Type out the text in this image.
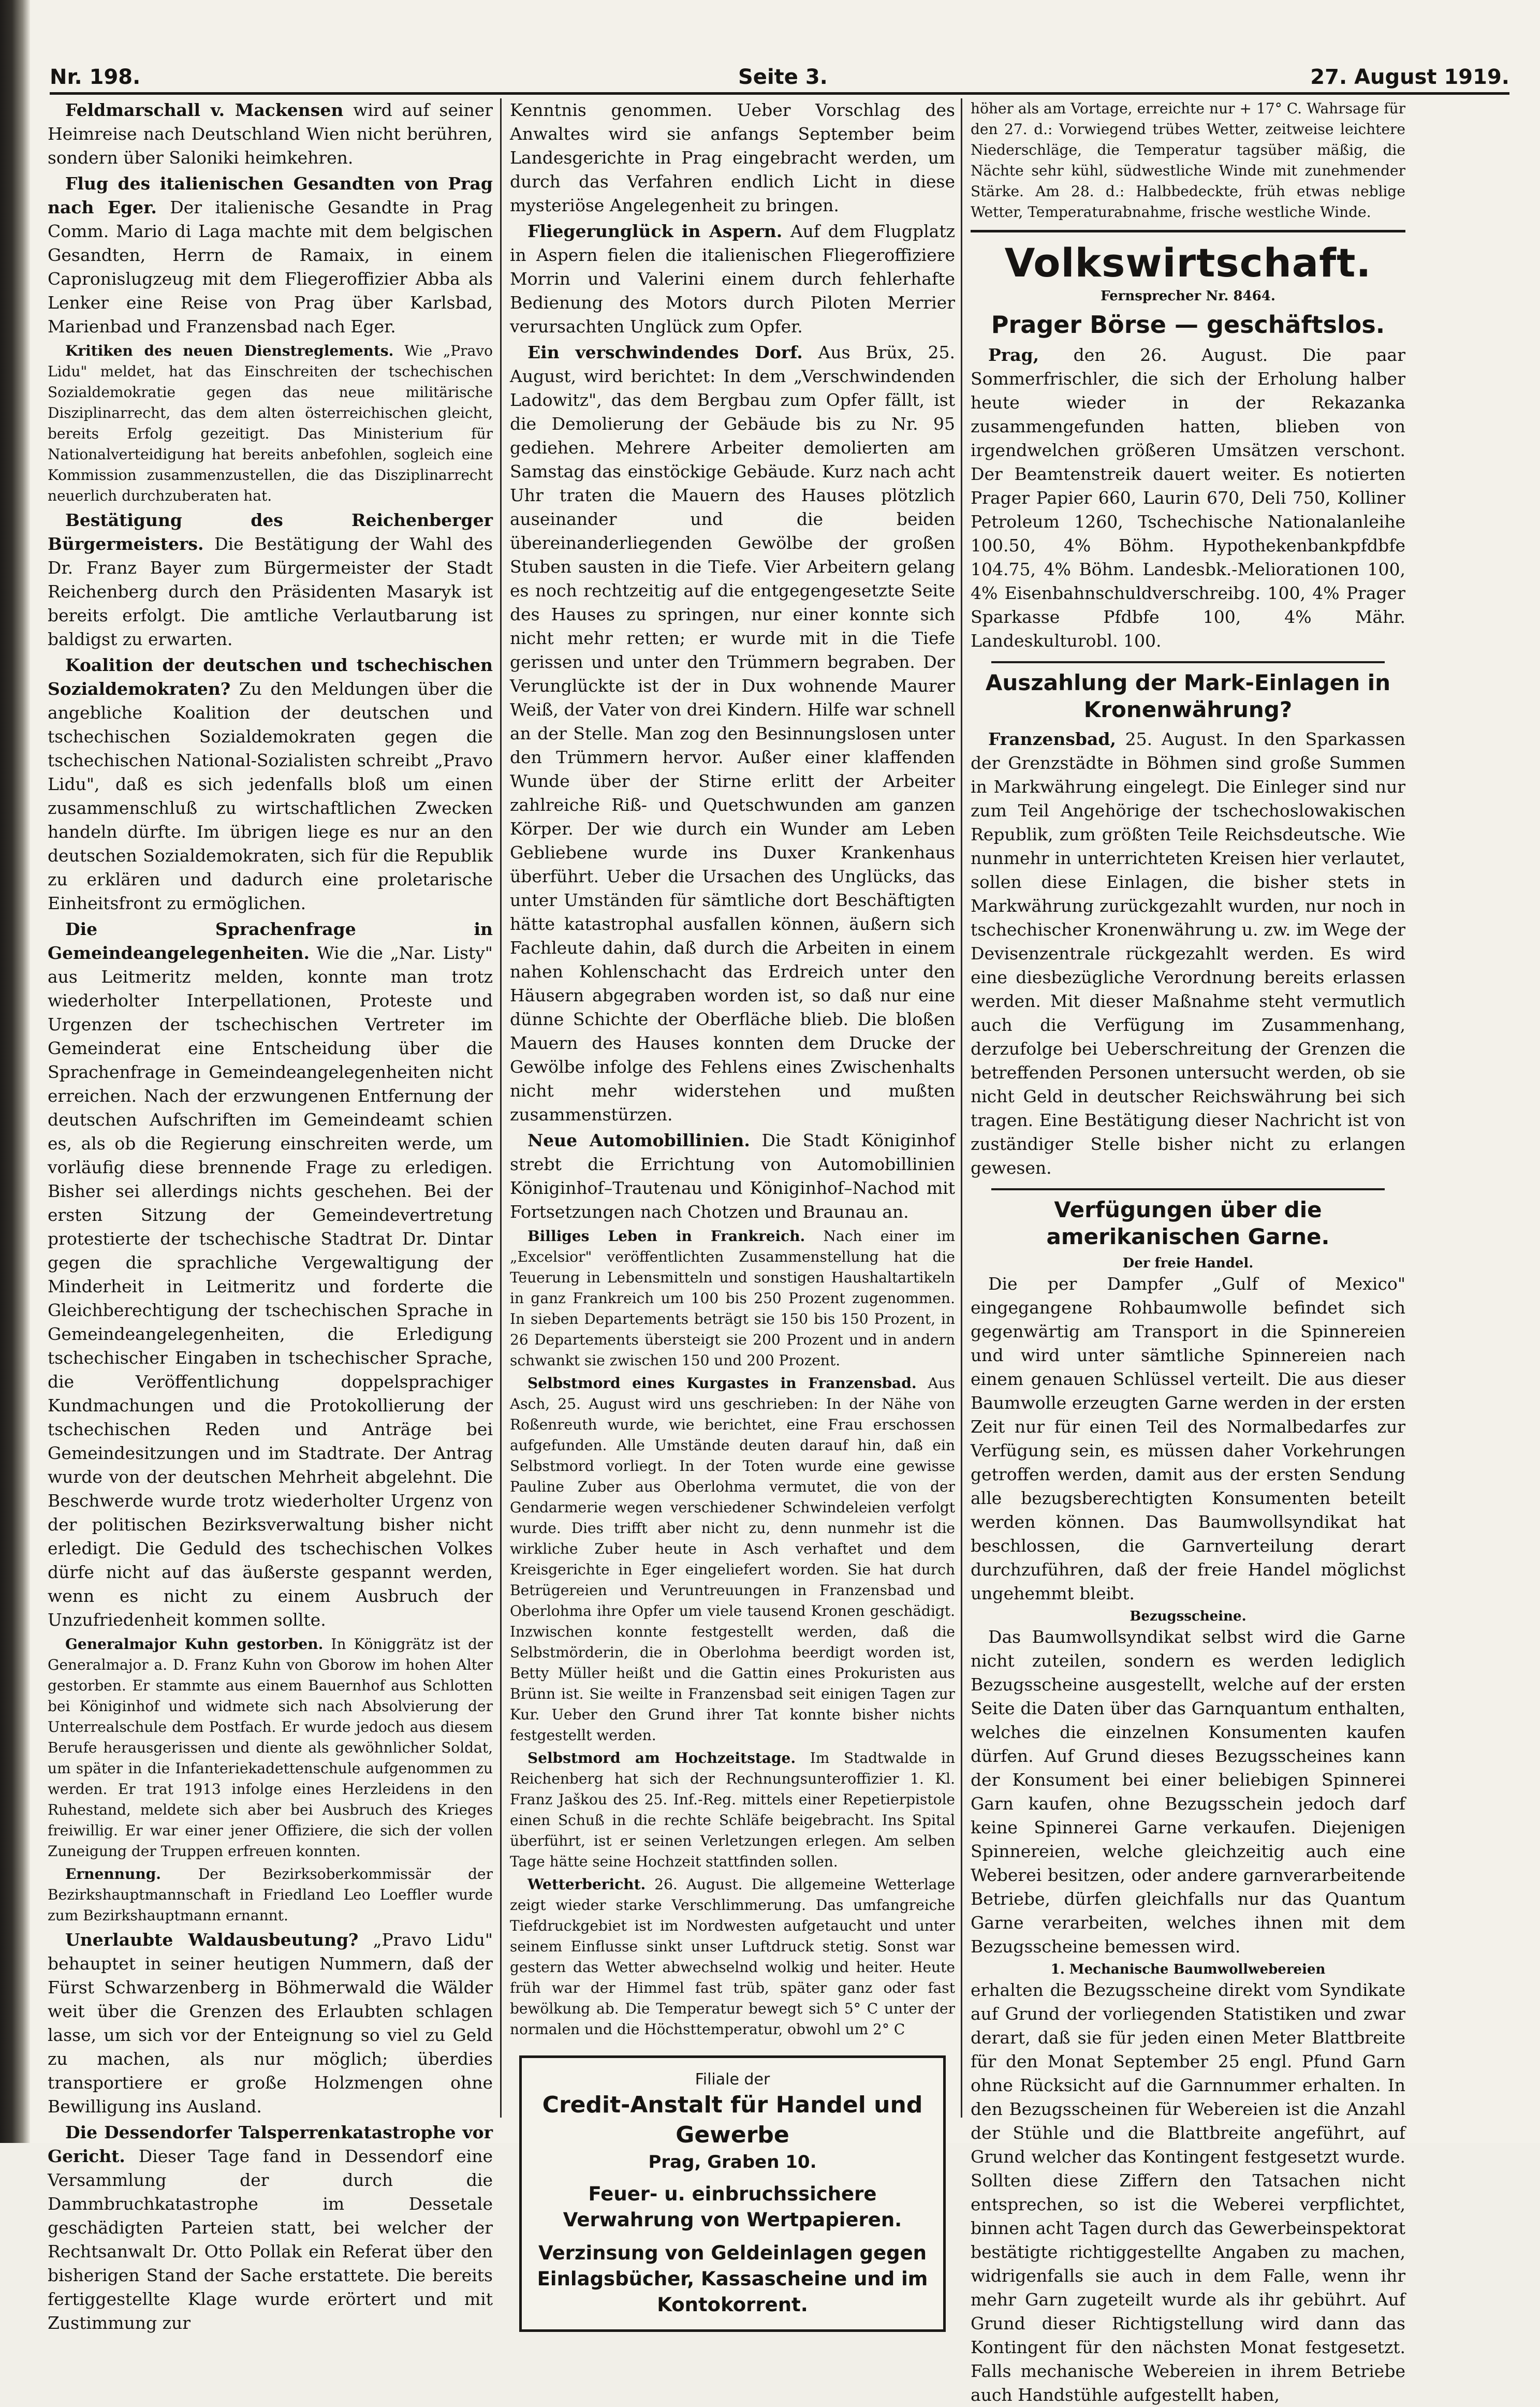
Nr. 198.	Seite 3.	27. August 1919.

Feldmarschall v. Mackensen wird auf seiner Heimreise nach Deutschland Wien nicht berühren, sondern über Saloniki heimkehren.

Flug des italienischen Gesandten von Prag nach Eger. Der italienische Gesandte in Prag Comm. Mario di Laga machte mit dem belgischen Gesandten, Herrn de Ramaix, in einem Capronislugzeug mit dem Fliegeroffizier Abba als Lenker eine Reise von Prag über Karlsbad, Marienbad und Franzensbad nach Eger.

Kritiken des neuen Dienstreglements. Wie „Pravo Lidu" meldet, hat das Einschreiten der tschechischen Sozialdemokratie gegen das neue militärische Disziplinarrecht, das dem alten österreichischen gleicht, bereits Erfolg gezeitigt. Das Ministerium für Nationalverteidigung hat bereits anbefohlen, sogleich eine Kommission zusammenzustellen, die das Disziplinarrecht neuerlich durchzuberaten hat.

Bestätigung des Reichenberger Bürgermeisters. Die Bestätigung der Wahl des Dr. Franz Bayer zum Bürgermeister der Stadt Reichenberg durch den Präsidenten Masaryk ist bereits erfolgt. Die amtliche Verlautbarung ist baldigst zu erwarten.

Koalition der deutschen und tschechischen Sozialdemokraten? Zu den Meldungen über die angebliche Koalition der deutschen und tschechischen Sozialdemokraten gegen die tschechischen National-Sozialisten schreibt „Pravo Lidu", daß es sich jedenfalls bloß um einen zusammenschluß zu wirtschaftlichen Zwecken handeln dürfte. Im übrigen liege es nur an den deutschen Sozialdemokraten, sich für die Republik zu erklären und dadurch eine proletarische Einheitsfront zu ermöglichen.

Die Sprachenfrage in Gemeindeangelegenheiten. Wie die „Nar. Listy" aus Leitmeritz melden, konnte man trotz wiederholter Interpellationen, Proteste und Urgenzen der tschechischen Vertreter im Gemeinderat eine Entscheidung über die Sprachenfrage in Gemeindeangelegenheiten nicht erreichen. Nach der erzwungenen Entfernung der deutschen Aufschriften im Gemeindeamt schien es, als ob die Regierung einschreiten werde, um vorläufig diese brennende Frage zu erledigen. Bisher sei allerdings nichts geschehen. Bei der ersten Sitzung der Gemeindevertretung protestierte der tschechische Stadtrat Dr. Dintar gegen die sprachliche Vergewaltigung der Minderheit in Leitmeritz und forderte die Gleichberechtigung der tschechischen Sprache in Gemeindeangelegenheiten, die Erledigung tschechischer Eingaben in tschechischer Sprache, die Veröffentlichung doppelsprachiger Kundmachungen und die Protokollierung der tschechischen Reden und Anträge bei Gemeindesitzungen und im Stadtrate. Der Antrag wurde von der deutschen Mehrheit abgelehnt. Die Beschwerde wurde trotz wiederholter Urgenz von der politischen Bezirksverwaltung bisher nicht erledigt. Die Geduld des tschechischen Volkes dürfe nicht auf das äußerste gespannt werden, wenn es nicht zu einem Ausbruch der Unzufriedenheit kommen sollte.

Generalmajor Kuhn gestorben. In Königgrätz ist der Generalmajor a. D. Franz Kuhn von Gborow im hohen Alter gestorben. Er stammte aus einem Bauernhof aus Schlotten bei Königinhof und widmete sich nach Absolvierung der Unterrealschule dem Postfach. Er wurde jedoch aus diesem Berufe herausgerissen und diente als gewöhnlicher Soldat, um später in die Infanteriekadettenschule aufgenommen zu werden. Er trat 1913 infolge eines Herzleidens in den Ruhestand, meldete sich aber bei Ausbruch des Krieges freiwillig. Er war einer jener Offiziere, die sich der vollen Zuneigung der Truppen erfreuen konnten.

Ernennung. Der Bezirksoberkommissär der Bezirkshauptmannschaft in Friedland Leo Loeffler wurde zum Bezirkshauptmann ernannt.

Unerlaubte Waldausbeutung? „Pravo Lidu" behauptet in seiner heutigen Nummern, daß der Fürst Schwarzenberg in Böhmerwald die Wälder weit über die Grenzen des Erlaubten schlagen lasse, um sich vor der Enteignung so viel zu Geld zu machen, als nur möglich; überdies transportiere er große Holzmengen ohne Bewilligung ins Ausland.

Die Dessendorfer Talsperrenkatastrophe vor Gericht. Dieser Tage fand in Dessendorf eine Versammlung der durch die Dammbruchkatastrophe im Dessetale geschädigten Parteien statt, bei welcher der Rechtsanwalt Dr. Otto Pollak ein Referat über den bisherigen Stand der Sache erstattete. Die bereits fertiggestellte Klage wurde erörtert und mit Zustimmung zur

Kenntnis genommen. Ueber Vorschlag des Anwaltes wird sie anfangs September beim Landesgerichte in Prag eingebracht werden, um durch das Verfahren endlich Licht in diese mysteriöse Angelegenheit zu bringen.

Fliegerunglück in Aspern. Auf dem Flugplatz in Aspern fielen die italienischen Fliegeroffiziere Morrin und Valerini einem durch fehlerhafte Bedienung des Motors durch Piloten Merrier verursachten Unglück zum Opfer.

Ein verschwindendes Dorf. Aus Brüx, 25. August, wird berichtet: In dem „Verschwindenden Ladowitz", das dem Bergbau zum Opfer fällt, ist die Demolierung der Gebäude bis zu Nr. 95 gediehen. Mehrere Arbeiter demolierten am Samstag das einstöckige Gebäude. Kurz nach acht Uhr traten die Mauern des Hauses plötzlich auseinander und die beiden übereinanderliegenden Gewölbe der großen Stuben sausten in die Tiefe. Vier Arbeitern gelang es noch rechtzeitig auf die entgegengesetzte Seite des Hauses zu springen, nur einer konnte sich nicht mehr retten; er wurde mit in die Tiefe gerissen und unter den Trümmern begraben. Der Verunglückte ist der in Dux wohnende Maurer Weiß, der Vater von drei Kindern. Hilfe war schnell an der Stelle. Man zog den Besinnungslosen unter den Trümmern hervor. Außer einer klaffenden Wunde über der Stirne erlitt der Arbeiter zahlreiche Riß- und Quetschwunden am ganzen Körper. Der wie durch ein Wunder am Leben Gebliebene wurde ins Duxer Krankenhaus überführt. Ueber die Ursachen des Unglücks, das unter Umständen für sämtliche dort Beschäftigten hätte katastrophal ausfallen können, äußern sich Fachleute dahin, daß durch die Arbeiten in einem nahen Kohlenschacht das Erdreich unter den Häusern abgegraben worden ist, so daß nur eine dünne Schichte der Oberfläche blieb. Die bloßen Mauern des Hauses konnten dem Drucke der Gewölbe infolge des Fehlens eines Zwischenhalts nicht mehr widerstehen und mußten zusammenstürzen.

Neue Automobillinien. Die Stadt Königinhof strebt die Errichtung von Automobillinien Königinhof–Trautenau und Königinhof–Nachod mit Fortsetzungen nach Chotzen und Braunau an.

Billiges Leben in Frankreich. Nach einer im „Excelsior" veröffentlichten Zusammenstellung hat die Teuerung in Lebensmitteln und sonstigen Haushaltartikeln in ganz Frankreich um 100 bis 250 Prozent zugenommen. In sieben Departements beträgt sie 150 bis 150 Prozent, in 26 Departements übersteigt sie 200 Prozent und in andern schwankt sie zwischen 150 und 200 Prozent.

Selbstmord eines Kurgastes in Franzensbad. Aus Asch, 25. August wird uns geschrieben: In der Nähe von Roßenreuth wurde, wie berichtet, eine Frau erschossen aufgefunden. Alle Umstände deuten darauf hin, daß ein Selbstmord vorliegt. In der Toten wurde eine gewisse Pauline Zuber aus Oberlohma vermutet, die von der Gendarmerie wegen verschiedener Schwindeleien verfolgt wurde. Dies trifft aber nicht zu, denn nunmehr ist die wirkliche Zuber heute in Asch verhaftet und dem Kreisgerichte in Eger eingeliefert worden. Sie hat durch Betrügereien und Veruntreuungen in Franzensbad und Oberlohma ihre Opfer um viele tausend Kronen geschädigt. Inzwischen konnte festgestellt werden, daß die Selbstmörderin, die in Oberlohma beerdigt worden ist, Betty Müller heißt und die Gattin eines Prokuristen aus Brünn ist. Sie weilte in Franzensbad seit einigen Tagen zur Kur. Ueber den Grund ihrer Tat konnte bisher nichts festgestellt werden.

Selbstmord am Hochzeitstage. Im Stadtwalde in Reichenberg hat sich der Rechnungsunteroffizier 1. Kl. Franz Jaškou des 25. Inf.-Reg. mittels einer Repetierpistole einen Schuß in die rechte Schläfe beigebracht. Ins Spital überführt, ist er seinen Verletzungen erlegen. Am selben Tage hätte seine Hochzeit stattfinden sollen.

Wetterbericht. 26. August. Die allgemeine Wetterlage zeigt wieder starke Verschlimmerung. Das umfangreiche Tiefdruckgebiet ist im Nordwesten aufgetaucht und unter seinem Einflusse sinkt unser Luftdruck stetig. Sonst war gestern das Wetter abwechselnd wolkig und heiter. Heute früh war der Himmel fast trüb, später ganz oder fast bewölkung ab. Die Temperatur bewegt sich 5° C unter der normalen und die Höchsttemperatur, obwohl um 2° C

Filiale der

Credit-Anstalt für Handel und Gewerbe

Prag, Graben 10.

Feuer- u. einbruchssichere Verwahrung von Wertpapieren.

Verzinsung von Geldeinlagen gegen Einlagsbücher, Kassascheine und im Kontokorrent.

höher als am Vortage, erreichte nur + 17° C. Wahrsage für den 27. d.: Vorwiegend trübes Wetter, zeitweise leichtere Niederschläge, die Temperatur tagsüber mäßig, die Nächte sehr kühl, südwestliche Winde mit zunehmender Stärke. Am 28. d.: Halbbedeckte, früh etwas neblige Wetter, Temperaturabnahme, frische westliche Winde.

Volkswirtschaft.

Fernsprecher Nr. 8464.

Prager Börse — geschäftslos.

Prag, den 26. August. Die paar Sommerfrischler, die sich der Erholung halber heute wieder in der Rekazanka zusammengefunden hatten, blieben von irgendwelchen größeren Umsätzen verschont. Der Beamtenstreik dauert weiter. Es notierten Prager Papier 660, Laurin 670, Deli 750, Kolliner Petroleum 1260, Tschechische Nationalanleihe 100.50, 4% Böhm. Hypothekenbankpfdbfe 104.75, 4% Böhm. Landesbk.-Meliorationen 100, 4% Eisenbahnschuldverschreibg. 100, 4% Prager Sparkasse Pfdbfe 100, 4% Mähr. Landeskulturobl. 100.

Auszahlung der Mark-Einlagen in Kronenwährung?

Franzensbad, 25. August. In den Sparkassen der Grenzstädte in Böhmen sind große Summen in Markwährung eingelegt. Die Einleger sind nur zum Teil Angehörige der tschechoslowakischen Republik, zum größten Teile Reichsdeutsche. Wie nunmehr in unterrichteten Kreisen hier verlautet, sollen diese Einlagen, die bisher stets in Markwährung zurückgezahlt wurden, nur noch in tschechischer Kronenwährung u. zw. im Wege der Devisenzentrale rückgezahlt werden. Es wird eine diesbezügliche Verordnung bereits erlassen werden. Mit dieser Maßnahme steht vermutlich auch die Verfügung im Zusammenhang, derzufolge bei Ueberschreitung der Grenzen die betreffenden Personen untersucht werden, ob sie nicht Geld in deutscher Reichswährung bei sich tragen. Eine Bestätigung dieser Nachricht ist von zuständiger Stelle bisher nicht zu erlangen gewesen.

Verfügungen über die amerikanischen Garne.

Der freie Handel.

Die per Dampfer „Gulf of Mexico" eingegangene Rohbaumwolle befindet sich gegenwärtig am Transport in die Spinnereien und wird unter sämtliche Spinnereien nach einem genauen Schlüssel verteilt. Die aus dieser Baumwolle erzeugten Garne werden in der ersten Zeit nur für einen Teil des Normalbedarfes zur Verfügung sein, es müssen daher Vorkehrungen getroffen werden, damit aus der ersten Sendung alle bezugsberechtigten Konsumenten beteilt werden können. Das Baumwollsyndikat hat beschlossen, die Garnverteilung derart durchzuführen, daß der freie Handel möglichst ungehemmt bleibt.

Bezugsscheine.

Das Baumwollsyndikat selbst wird die Garne nicht zuteilen, sondern es werden lediglich Bezugsscheine ausgestellt, welche auf der ersten Seite die Daten über das Garnquantum enthalten, welches die einzelnen Konsumenten kaufen dürfen. Auf Grund dieses Bezugsscheines kann der Konsument bei einer beliebigen Spinnerei Garn kaufen, ohne Bezugsschein jedoch darf keine Spinnerei Garne verkaufen. Diejenigen Spinnereien, welche gleichzeitig auch eine Weberei besitzen, oder andere garnverarbeitende Betriebe, dürfen gleichfalls nur das Quantum Garne verarbeiten, welches ihnen mit dem Bezugsscheine bemessen wird.

1. Mechanische Baumwollwebereien

erhalten die Bezugsscheine direkt vom Syndikate auf Grund der vorliegenden Statistiken und zwar derart, daß sie für jeden einen Meter Blattbreite für den Monat September 25 engl. Pfund Garn ohne Rücksicht auf die Garnnummer erhalten. In den Bezugsscheinen für Webereien ist die Anzahl der Stühle und die Blattbreite angeführt, auf Grund welcher das Kontingent festgesetzt wurde. Sollten diese Ziffern den Tatsachen nicht entsprechen, so ist die Weberei verpflichtet, binnen acht Tagen durch das Gewerbeinspektorat bestätigte richtiggestellte Angaben zu machen, widrigenfalls sie auch in dem Falle, wenn ihr mehr Garn zugeteilt wurde als ihr gebührt. Auf Grund dieser Richtigstellung wird dann das Kontingent für den nächsten Monat festgesetzt. Falls mechanische Webereien in ihrem Betriebe auch Handstühle aufgestellt haben,
